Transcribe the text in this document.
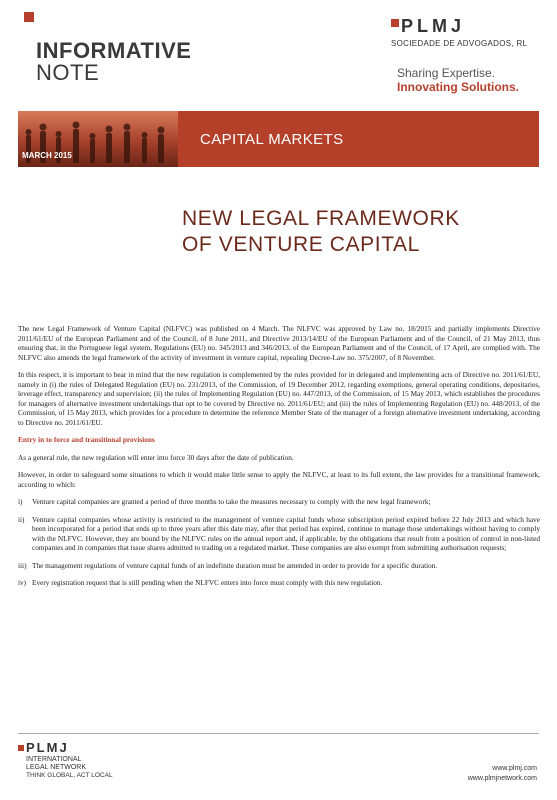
INFORMATIVE
NOTE
PLMJ
SOCIEDADE DE ADVOGADOS, RL
Sharing Expertise.
Innovating Solutions.
MARCH 2015
CAPITAL MARKETS
NEW LEGAL FRAMEWORK
OF VENTURE CAPITAL

The new Legal Framework of Venture Capital (NLFVC) was published on 4 March. The NLFVC was approved by Law no. 18/2015 and partially implements Directive 2011/61/EU of the European Parliament and of the Council, of 8 June 2011, and Directive 2013/14/EU of the European Parliament and of the Council, of 21 May 2013, thus ensuring that, in the Portuguese legal system, Regulations (EU) no. 345/2013 and 346/2013, of the European Parliament and of the Council, of 17 April, are complied with. The NLFVC also amends the legal framework of the activity of investment in venture capital, repealing Decree-Law no. 375/2007, of 8 November.

In this respect, it is important to bear in mind that the new regulation is complemented by the rules provided for in delegated and implementing acts of Directive no. 2011/61/EU, namely in (i) the rules of Delegated Regulation (EU) no. 231/2013, of the Commission, of 19 December 2012, regarding exemptions, general operating conditions, depositaries, leverage effect, transparency and supervision; (ii) the rules of Implementing Regulation (EU) no. 447/2013, of the Commission, of 15 May 2013, which establishes the procedures for managers of alternative investment undertakings that opt to be covered by Directive no. 2011/61/EU; and (iii) the rules of Implementing Regulation (EU) no. 448/2013, of the Commission, of 15 May 2013, which provides for a procedure to determine the reference Member State of the manager of a foreign alternative investment undertaking, according to Directive no. 2011/61/EU.

Entry in to force and transitional provisions

As a general rule, the new regulation will enter into force 30 days after the date of publication.

However, in order to safeguard some situations to which it would make little sense to apply the NLFVC, at least to its full extent, the law provides for a transitional framework, according to which:

i)	Venture capital companies are granted a period of three months to take the measures necessary to comply with the new legal framework;
ii)	Venture capital companies whose activity is restricted to the management of venture capital funds whose subscription period expired before 22 July 2013 and which have been incorporated for a period that ends up to three years after this date may, after that period has expired, continue to manage those undertakings without having to comply with the NLFVC. However, they are bound by the NLFVC rules on the annual report and, if applicable, by the obligations that result from a position of control in non-listed companies and in companies that issue shares admitted to trading on a regulated market. These companies are also exempt from submitting authorisation requests;
iii) The management regulations of venture capital funds of an indefinite duration must be amended in order to provide for a specific duration.
iv) Every registration request that is still pending when the NLFVC enters into force must comply with this new regulation.
PLMJ
INTERNATIONAL
LEGAL NETWORK
THINK GLOBAL, ACT LOCAL
www.plmj.com
www.plmjnetwork.com
